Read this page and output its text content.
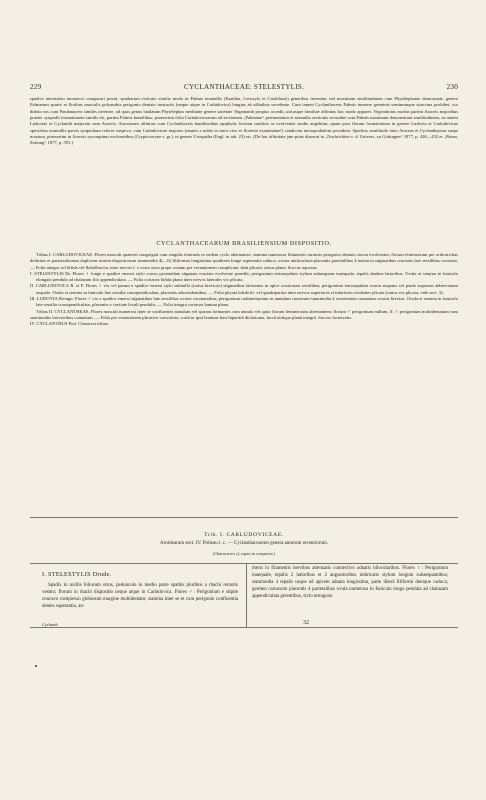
229	CYCLANTHACEAE: STELESTYLIS.	230
spadice intermixto monoecis comparari possit. spatharum evolutio similis modo in Palmis nonnullis (Kunthia, Ceroxylo et Catoblasto) generibus invenitur sed maximam similitudinem cum Phytelephante demonstrat, genere Palmarum spurio et floribus masculis polyandris perigonio dentato instructis (neque atque in Carludovica) longius ab affinibus secedente. Cum tamen Cyclanthaceas Palmis inserere germinis seminumque structura prohibet, vix dubito eas cum Pandanaceis similes invenire, ad quas genus laudatum Phytelephas mediante genere satietate Tegamandi propius accedit, utriusque familiae affinitas hoc modo apparet. Vegetationis modus partim Araceis majoribus praeter synpodii formationem similis est, partim Palmis humilibus; praesertim folia Carludovicearum ad sectionem „Palmatae“ pertinentium et nonnulla sectionis secundae cum Palmis maximam demonstrant similitudinem, ea autem Ludoviae et Cyclanthi majorem cum Araceis. Aracearum affinitas cum Cyclanthaceis humilioribus epiphytis foresan candicis se evolventis studio augebitur, quam post florum formationem in genere Ludovia et Carludovicae speciebus nonnullis parvis synpodium referre suspicor, cum Carludovicae majores (omnes a nobis in statu vivo et florente examinatae!) candicem monopodialem possident. Spadicis similitudo inter Araceas et Cyclanthaceas saepe maxima, praesertim in Araceis syncarpium evolventibus (Cryptocoryne s. gr.), in genere Urospatha (Engl. in tab. 23) etc. (De hac affinitate jam prius disserui in „Nachrichten v. d. Univers. zu Göttingen“ 1877, p. 426—432 et „Botan. Zeitung“ 1877, p. 591.)
CYCLANTHACEARUM BRASILIENSIUM DISPOSITIO.

Tribus I. CARLUDOVICEAE. Flores masculi quaterni congregati cum singulis femineis in eodem cyclo alternantes, stamina numerosa filamentis carnosis perigonio dentato cincta evolventes; florum femineorum per orthostichas definitas et parastichiarum duplicem seriem dispositorum staminodia 4(—6) filiformia longissima spadicem longe superantia caduca, ovaria unilocularia placentis parietalibus 4 instructa stigmatibus cruciatis late sessilibus coronata. — Folia integra vel bifida vel flabellisecta, inter nervos I. e costa ortos prope costam per vernationem complicata, dein plicata, rarius plana. Succus aquosus.

I. STELESTYLIS Dr. Flores ♀ longe e spadice emersi stylo crasso pyramidato stigmata cruciata evolvente praediti; perigonium tetrasepalum stylum subaequans inaequale, tepalis duobus latioribus. Ovula et semina in funiculo elongato pendula ad chalazam filo appendiculata. — Folia coriacea bifida plana inter nervos laterales vix plicata.

II. CARLUDOVICA R. et P. Flores ♀ vix vel parum e spadice emersi stylo subnullo (rarius breviore) stigmatibus latissimis in apice ovariorum sessilibus; perigonium tetrasepalum ovaria aequans vel paulo superans abbreviatum aequale. Ovula et semina in funiculo late sessilia crassipendiculata, placentis adscendentibus. — Folia plicata bifida bi- vel quadripartita inter nervos superiores et inferiores evidenter plicata (rarius vix plicata; vide sect. 3).

III. LUDOVIA Brongn. Flores ♀ vix e spadice emersi stigmatibus late sessilibus ovaria coronantibus; perigonium rudimentarium in annulum carnosum staminodia 4 exserentem connatum ovariis brevius. Ovula et semina in funiculo late sessilia crassipendiculata, placentis e cavitate loculi pendulis. — Folia integra coriacea lamina plana.

Tribus II. CYCLANTHEAE. Flores masculi numerosi inter se confluentes annulum vel spiram formantes cum annulo vel spira florum femineorum alternantem; florum ♂ perigonium nullum, fl. ♀ perigonium multidentatum cum staminodiis brevioribus connatum. — Folia per vernationem plicativo-convoluta, costâ in ipsâ laminae basi bipartitâ dichotoma, furcâ utrâque planâ integrâ. Succus lactescens.

IV. CYCLANTHUS Poit. Character tribus.

Trib. I. CARLUDOVICEAE.
Aroidearum sect. IV. Poiteau l. c. — Cyclanthacearum genera autorum recentiorum.
(Characteres cf. supra in conspectu.)
I. STELESTYLIS Drude.

Spadix in axillis foliorum ortus, pedunculo in medio parte spathis pluribus a rhachi remotis vestito; florum in rhachi dispositio neque atque in Carludovica. Flores ♂: Perigonium e stipite concavo compresso globosum margine multidentato; stamina inter se et cum perigonio confluentia dentes superantia, an-

theris in filamentis brevibus attenuatis connectivo adnatis bilocularibus. Flores ♀: Perigonium inaequale, tepalis 2 latioribus et 2 angustioribus imbricatis stylum longum subaequantibus; staminodia 4 tepalis usque ad apicem adnata longissima, parte liberâ filiformi denique caduca; germen carnosum placentis 4 parietalibus ovula numerosa in funiculo longo pendula ad chalazam appendiculata gerentibus, stylo tetragono

Cyclanth.	32
